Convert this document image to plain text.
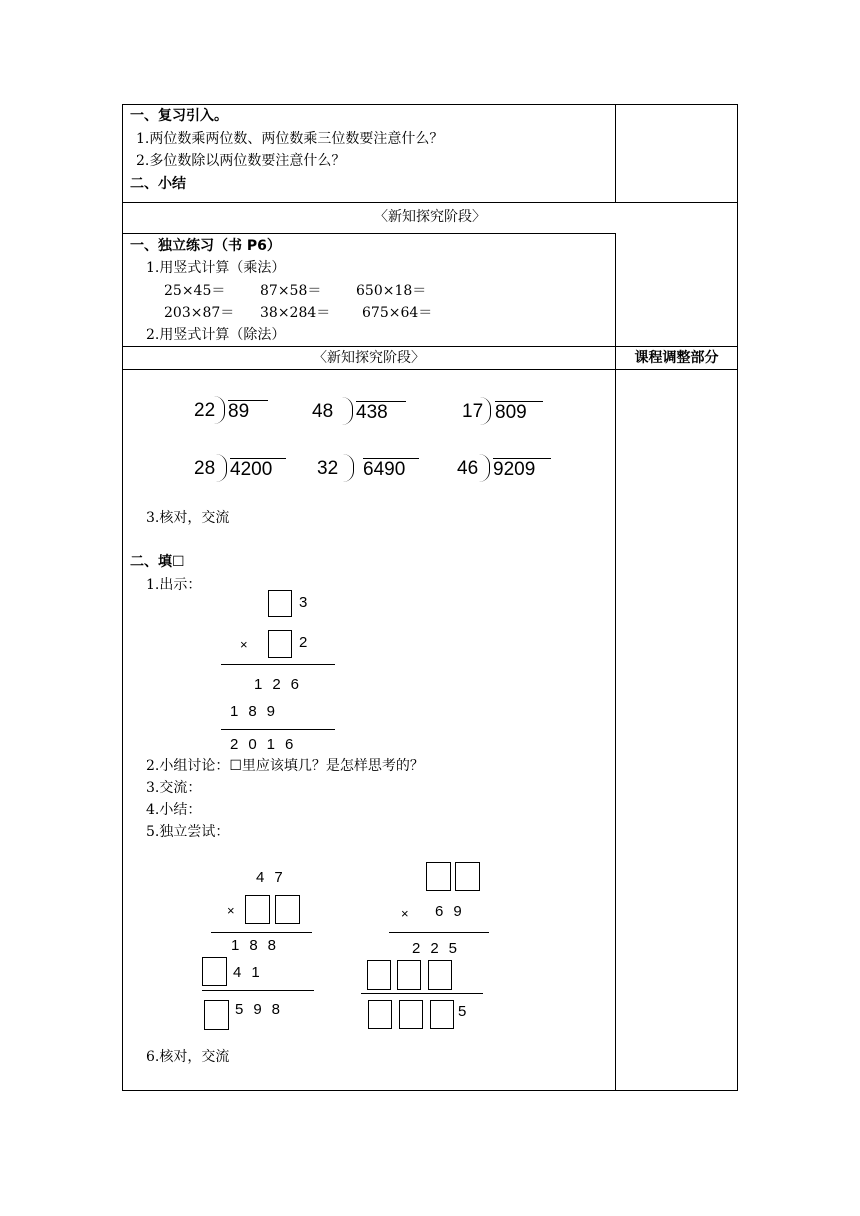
一、复习引入。
1.两位数乘两位数、两位数乘三位数要注意什么？
2.多位数除以两位数要注意什么？
二、小结
〈新知探究阶段〉
一、独立练习（书 P6）
1.用竖式计算（乘法）
25×45＝ 87×58＝ 650×18＝
203×87＝ 38×284＝ 675×64＝
2.用竖式计算（除法）
〈新知探究阶段〉	课程调整部分
22 89	48 438	17 809
28 4200	32 6490	46 9209
3.核对，交流
二、填☐
1.出示：
3
×	2
126
189
2016
2.小组讨论：☐里应该填几？是怎样思考的？
3.交流：
4.小结：
5.独立尝试：
47
×
188
41
598
× 69
225
5
6.核对，交流
